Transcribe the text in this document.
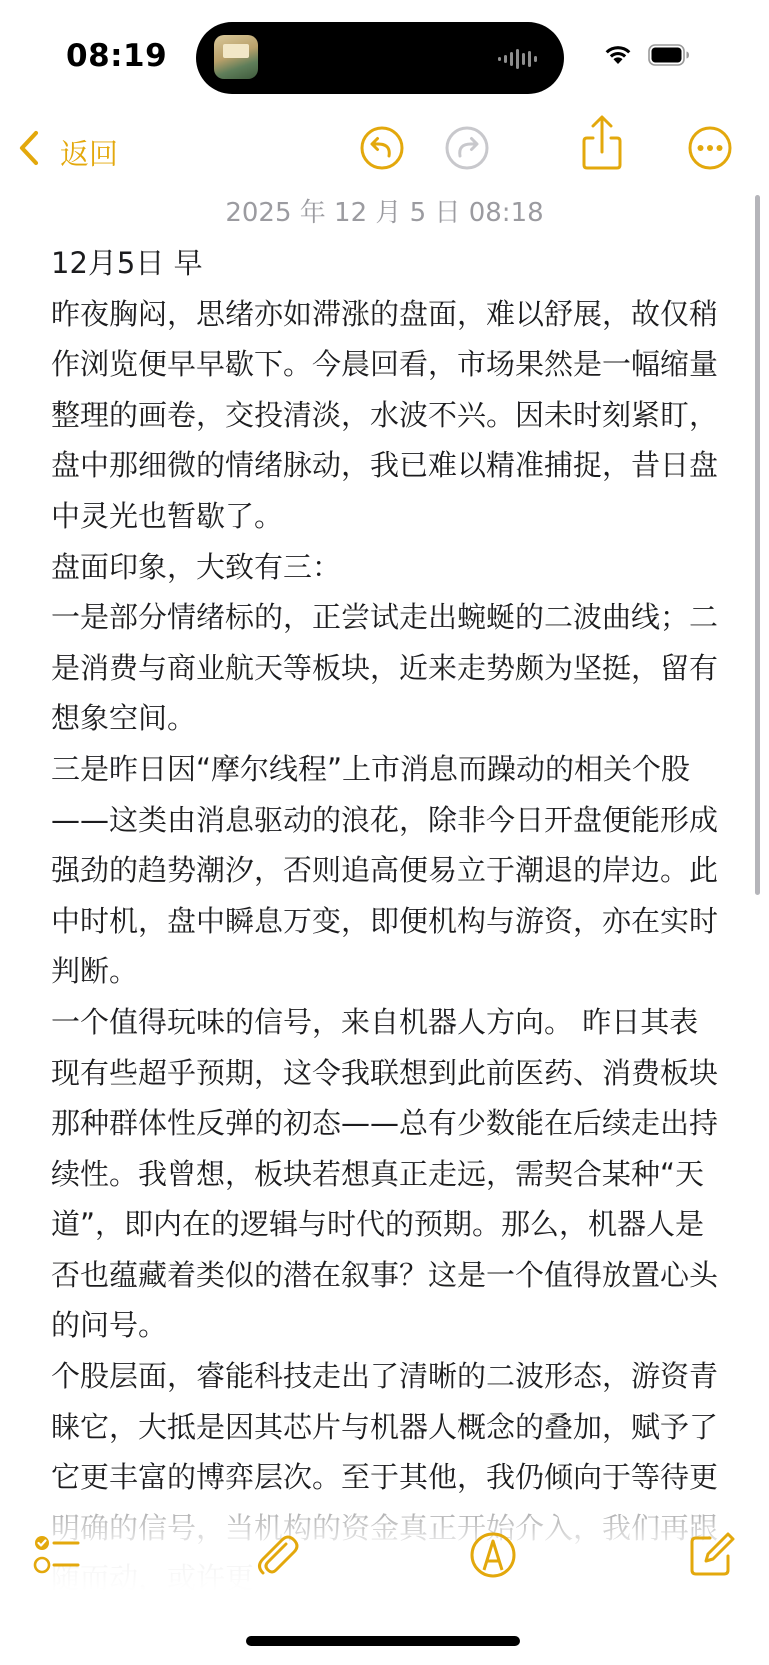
08:19
返回
2025 年 12 月 5 日 08:18

12月5日 早

昨夜胸闷，思绪亦如滞涨的盘面，难以舒展，故仅稍作浏览便早早歇下。今晨回看，市场果然是一幅缩量整理的画卷，交投清淡，水波不兴。因未时刻紧盯，盘中那细微的情绪脉动，我已难以精准捕捉，昔日盘中灵光也暂歇了。

盘面印象，大致有三：

一是部分情绪标的，正尝试走出蜿蜒的二波曲线；二是消费与商业航天等板块，近来走势颇为坚挺，留有想象空间。

三是昨日因“摩尔线程”上市消息而躁动的相关个股——这类由消息驱动的浪花，除非今日开盘便能形成强劲的趋势潮汐，否则追高便易立于潮退的岸边。此中时机，盘中瞬息万变，即便机构与游资，亦在实时判断。

一个值得玩味的信号，来自机器人方向。 昨日其表现有些超乎预期，这令我联想到此前医药、消费板块那种群体性反弹的初态——总有少数能在后续走出持续性。我曾想，板块若想真正走远，需契合某种“天道”，即内在的逻辑与时代的预期。那么，机器人是否也蕴藏着类似的潜在叙事？这是一个值得放置心头的问号。

个股层面，睿能科技走出了清晰的二波形态，游资青睐它，大抵是因其芯片与机器人概念的叠加，赋予了它更丰富的博弈层次。至于其他，我仍倾向于等待更
